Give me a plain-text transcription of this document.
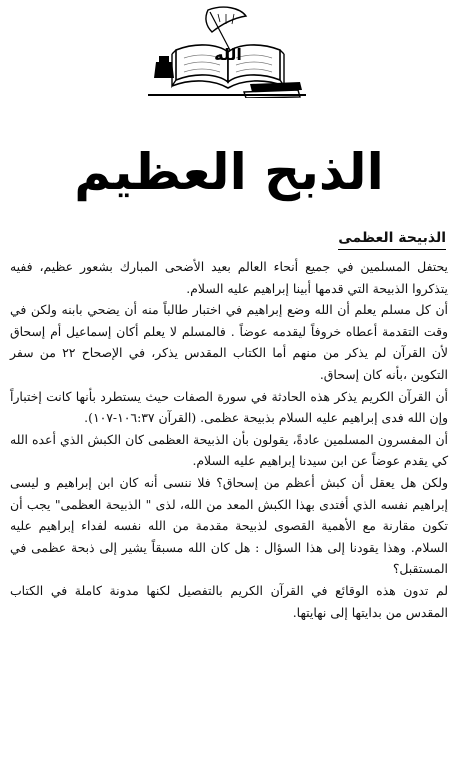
الله
الذبح العظيم
الذبيحة العظمى

يحتفل المسلمين في جميع أنحاء العالم بعيد الأضحى المبارك بشعور عظيم، ففيه يتذكروا الذبيحة التي قدمها أبينا إبراهيم عليه السلام.

أن كل مسلم يعلم أن الله وضع إبراهيم في اختبار طالباً منه أن يضحي بابنه ولكن في وقت التقدمة أعطاه خروفاً ليقدمه عوضاً . فالمسلم لا يعلم أكان إسماعيل أم إسحاق لأن القرآن لم يذكر من منهم أما الكتاب المقدس يذكر، في الإصحاح ٢٢ من سفر التكوين ،بأنه كان إسحاق.

أن القرآن الكريم يذكر هذه الحادثة في سورة الصفات حيث يستطرد بأنها كانت إختباراً وإن الله فدى إبراهيم عليه السلام بذبيحة عظمى. (القرآن ١٠٦:٣٧-١٠٧).

أن المفسرون المسلمين عادةً، يقولون بأن الذبيحة العظمى كان الكبش الذي أعده الله كي يقدم عوضاً عن ابن سيدنا إبراهيم عليه السلام.

ولكن هل يعقل أن كبش أعظم من إسحاق؟ فلا ننسى أنه كان ابن إبراهيم و ليسى إبراهيم نفسه الذي أفتدى بهذا الكبش المعد من الله، لذى " الذبيحة العظمى" يجب أن تكون مقارنة مع الأهمية القصوى لذبيحة مقدمة من الله نفسه لفداء إبراهيم عليه السلام. وهذا يقودنا إلى هذا السؤال : هل كان الله مسبقاً يشير إلى ذبحة عظمى في المستقبل؟

لم تدون هذه الوقائع في القرآن الكريم بالتفصيل لكنها مدونة كاملة في الكتاب المقدس من بدايتها إلى نهايتها.
